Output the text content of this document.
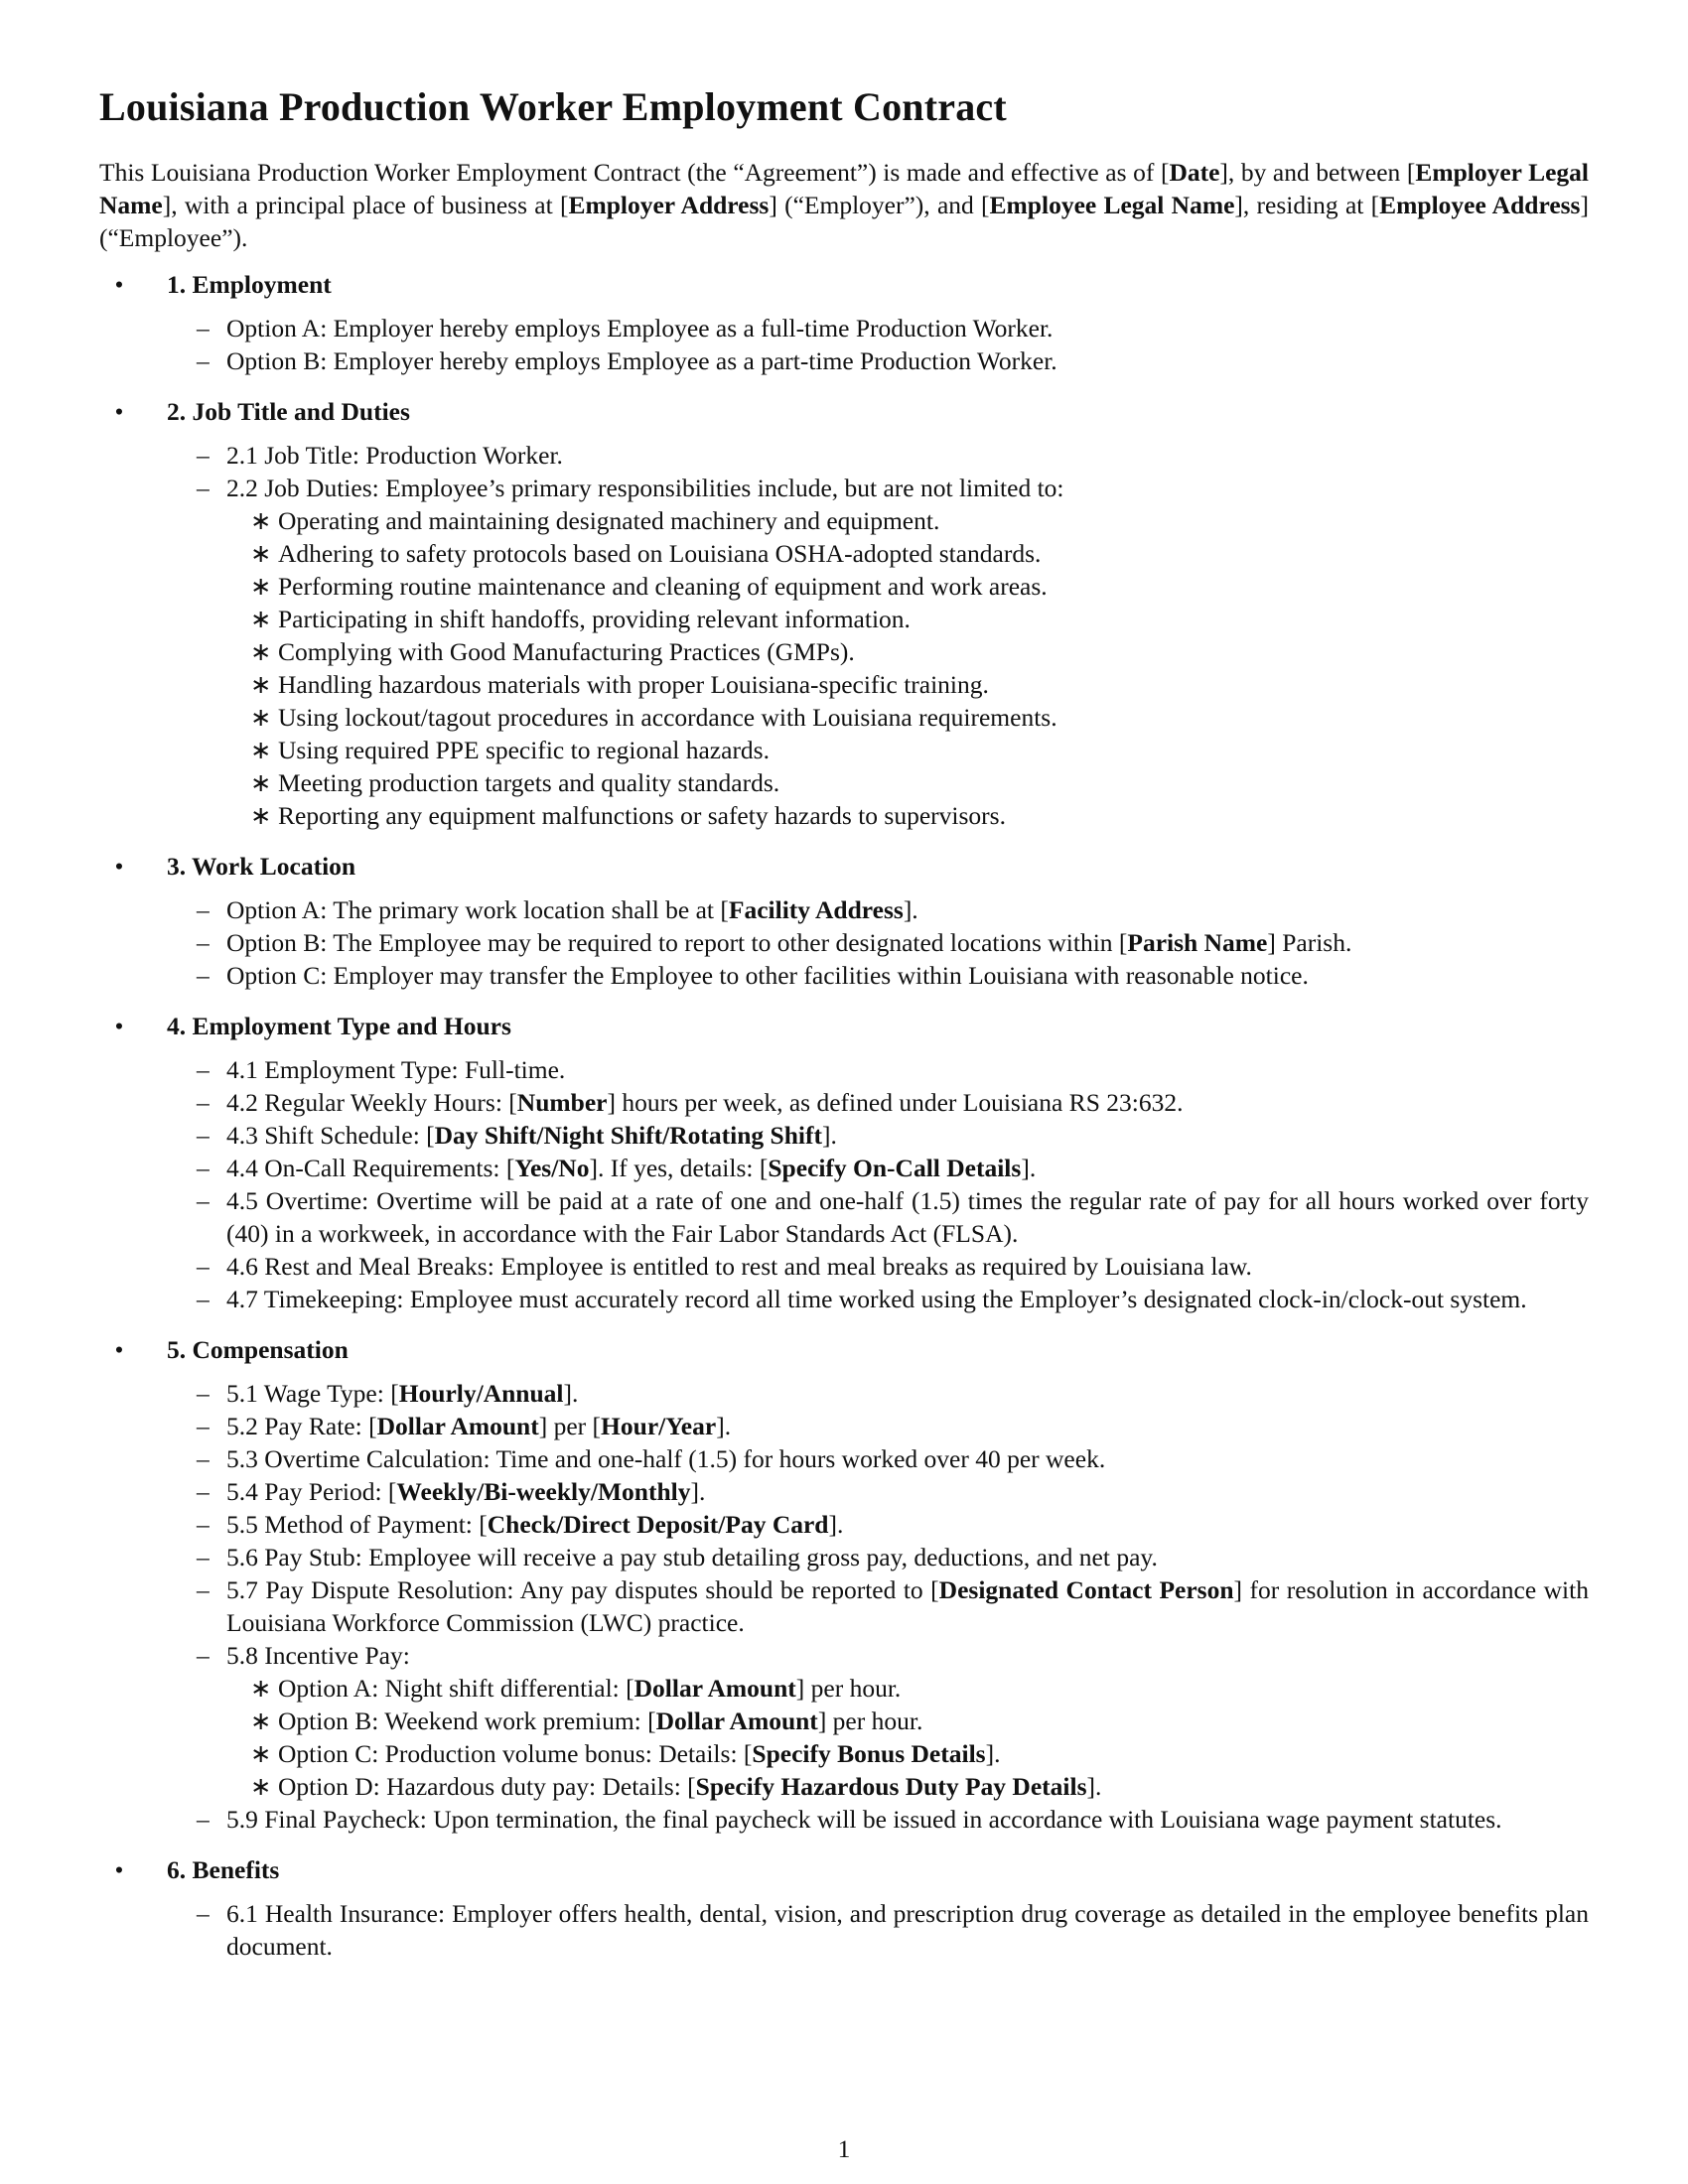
Louisiana Production Worker Employment Contract

This Louisiana Production Worker Employment Contract (the “Agreement”) is made and effective as of [Date], by and between [Employer Legal Name], with a principal place of business at [Employer Address] (“Employer”), and [Employee Legal Name], residing at [Employee Address] (“Employee”).

•	1. Employment
– Option A: Employer hereby employs Employee as a full-time Production Worker.
– Option B: Employer hereby employs Employee as a part-time Production Worker.
•	2. Job Title and Duties
– 2.1 Job Title: Production Worker.
– 2.2 Job Duties: Employee’s primary responsibilities include, but are not limited to:
∗ Operating and maintaining designated machinery and equipment.
∗ Adhering to safety protocols based on Louisiana OSHA-adopted standards.
∗ Performing routine maintenance and cleaning of equipment and work areas.
∗ Participating in shift handoffs, providing relevant information.
∗ Complying with Good Manufacturing Practices (GMPs).
∗ Handling hazardous materials with proper Louisiana-specific training.
∗ Using lockout/tagout procedures in accordance with Louisiana requirements.
∗ Using required PPE specific to regional hazards.
∗ Meeting production targets and quality standards.
∗ Reporting any equipment malfunctions or safety hazards to supervisors.
•	3. Work Location
– Option A: The primary work location shall be at [Facility Address].
– Option B: The Employee may be required to report to other designated locations within [Parish Name] Parish.
– Option C: Employer may transfer the Employee to other facilities within Louisiana with reasonable notice.
•	4. Employment Type and Hours
– 4.1 Employment Type: Full-time.
– 4.2 Regular Weekly Hours: [Number] hours per week, as defined under Louisiana RS 23:632.
– 4.3 Shift Schedule: [Day Shift/Night Shift/Rotating Shift].
– 4.4 On-Call Requirements: [Yes/No]. If yes, details: [Specify On-Call Details].
– 4.5 Overtime: Overtime will be paid at a rate of one and one-half (1.5) times the regular rate of pay for all hours worked over forty (40) in a workweek, in accordance with the Fair Labor Standards Act (FLSA).
– 4.6 Rest and Meal Breaks: Employee is entitled to rest and meal breaks as required by Louisiana law.
– 4.7 Timekeeping: Employee must accurately record all time worked using the Employer’s designated clock-in/clock-out system.
•	5. Compensation
– 5.1 Wage Type: [Hourly/Annual].
– 5.2 Pay Rate: [Dollar Amount] per [Hour/Year].
– 5.3 Overtime Calculation: Time and one-half (1.5) for hours worked over 40 per week.
– 5.4 Pay Period: [Weekly/Bi-weekly/Monthly].
– 5.5 Method of Payment: [Check/Direct Deposit/Pay Card].
– 5.6 Pay Stub: Employee will receive a pay stub detailing gross pay, deductions, and net pay.
– 5.7 Pay Dispute Resolution: Any pay disputes should be reported to [Designated Contact Person] for resolution in accordance with Louisiana Workforce Commission (LWC) practice.
– 5.8 Incentive Pay:
∗ Option A: Night shift differential: [Dollar Amount] per hour.
∗ Option B: Weekend work premium: [Dollar Amount] per hour.
∗ Option C: Production volume bonus: Details: [Specify Bonus Details].
∗ Option D: Hazardous duty pay: Details: [Specify Hazardous Duty Pay Details].
– 5.9 Final Paycheck: Upon termination, the final paycheck will be issued in accordance with Louisiana wage payment statutes.
•	6. Benefits
– 6.1 Health Insurance: Employer offers health, dental, vision, and prescription drug coverage as detailed in the employee benefits plan document.
1
